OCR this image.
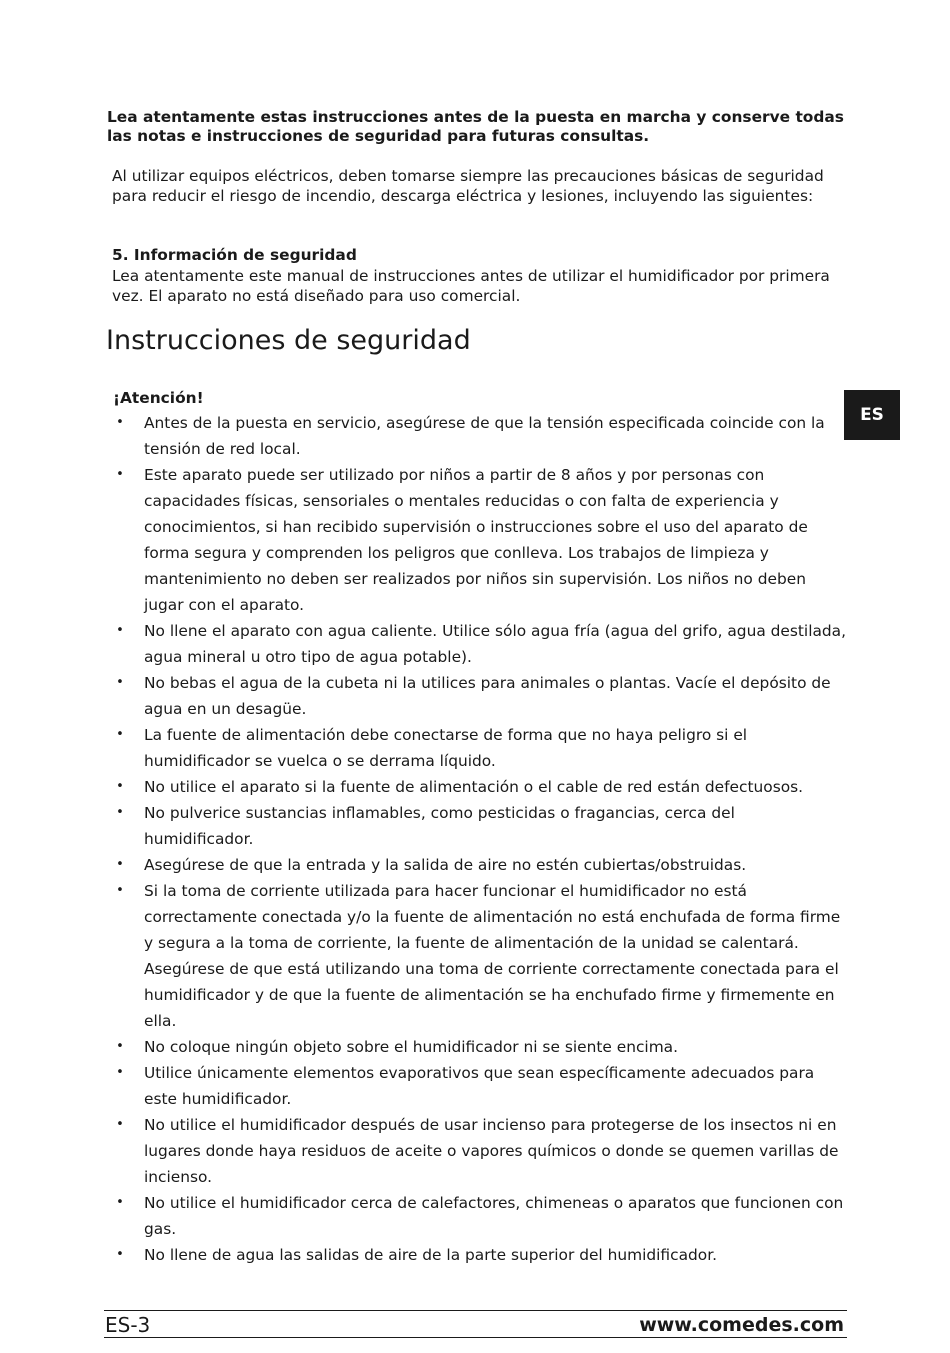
Lea atentamente estas instrucciones antes de la puesta en marcha y conserve todas las notas e instrucciones de seguridad para futuras consultas.

Al utilizar equipos eléctricos, deben tomarse siempre las precauciones básicas de seguridad para reducir el riesgo de incendio, descarga eléctrica y lesiones, incluyendo las siguientes:

5. Información de seguridad

Lea atentamente este manual de instrucciones antes de utilizar el humidificador por primera vez. El aparato no está diseñado para uso comercial.

Instrucciones de seguridad

¡Atención!

• Antes de la puesta en servicio, asegúrese de que la tensión especificada coincide con la tensión de red local.
• Este aparato puede ser utilizado por niños a partir de 8 años y por personas con capacidades físicas, sensoriales o mentales reducidas o con falta de experiencia y conocimientos, si han recibido supervisión o instrucciones sobre el uso del aparato de forma segura y comprenden los peligros que conlleva. Los trabajos de limpieza y mantenimiento no deben ser realizados por niños sin supervisión. Los niños no deben jugar con el aparato.
• No llene el aparato con agua caliente. Utilice sólo agua fría (agua del grifo, agua destilada, agua mineral u otro tipo de agua potable).
• No bebas el agua de la cubeta ni la utilices para animales o plantas. Vacíe el depósito de agua en un desagüe.
• La fuente de alimentación debe conectarse de forma que no haya peligro si el humidificador se vuelca o se derrama líquido.
• No utilice el aparato si la fuente de alimentación o el cable de red están defectuosos.
• No pulverice sustancias inflamables, como pesticidas o fragancias, cerca del humidificador.
• Asegúrese de que la entrada y la salida de aire no estén cubiertas/obstruidas.
• Si la toma de corriente utilizada para hacer funcionar el humidificador no está correctamente conectada y/o la fuente de alimentación no está enchufada de forma firme y segura a la toma de corriente, la fuente de alimentación de la unidad se calentará. Asegúrese de que está utilizando una toma de corriente correctamente conectada para el humidificador y de que la fuente de alimentación se ha enchufado firme y firmemente en ella.
• No coloque ningún objeto sobre el humidificador ni se siente encima.
• Utilice únicamente elementos evaporativos que sean específicamente adecuados para este humidificador.
• No utilice el humidificador después de usar incienso para protegerse de los insectos ni en lugares donde haya residuos de aceite o vapores químicos o donde se quemen varillas de incienso.
• No utilice el humidificador cerca de calefactores, chimeneas o aparatos que funcionen con gas.
• No llene de agua las salidas de aire de la parte superior del humidificador.
ES
ES-3	www.comedes.com
